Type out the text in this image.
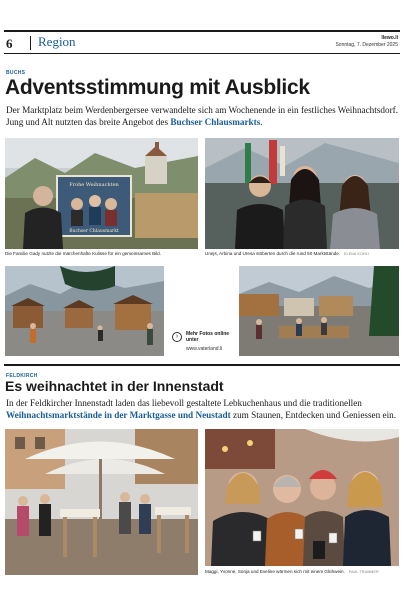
6 Region	llewo.li
Sonntag, 7. Dezember 2025
BUCHS
Adventsstimmung mit Ausblick
Der Marktplatz beim Werdenbergersee verwandelte sich am Wochenende in ein festliches Weihnachtsdorf. Jung und Alt nutzten das breite Angebot des Buchser Chlausmarkts.
Frohe Weihnachten
Buchser Chlausmarkt
Die Familie Gady nutzte die märchenhafte Kulisse für ein gemeinsames Bild.	Unejs, Arbina und Uresa stöberten durch die rund 50 Marktstände. ELENA KOHLI
›	Mehr Fotos online unter
www.vaterland.li
FELDKIRCH
Es weihnachtet in der Innenstadt
In der Feldkircher Innenstadt laden das liebevoll gestaltete Lebkuchenhaus und die traditionellen Weihnachtsmarktstände in der Marktgasse und Neustadt zum Staunen, Entdecken und Geniessen ein.
Maggi, Yvonne, Sonja und Eveline wärmen sich mit einem Glühwein. PAUL TRUMMER
